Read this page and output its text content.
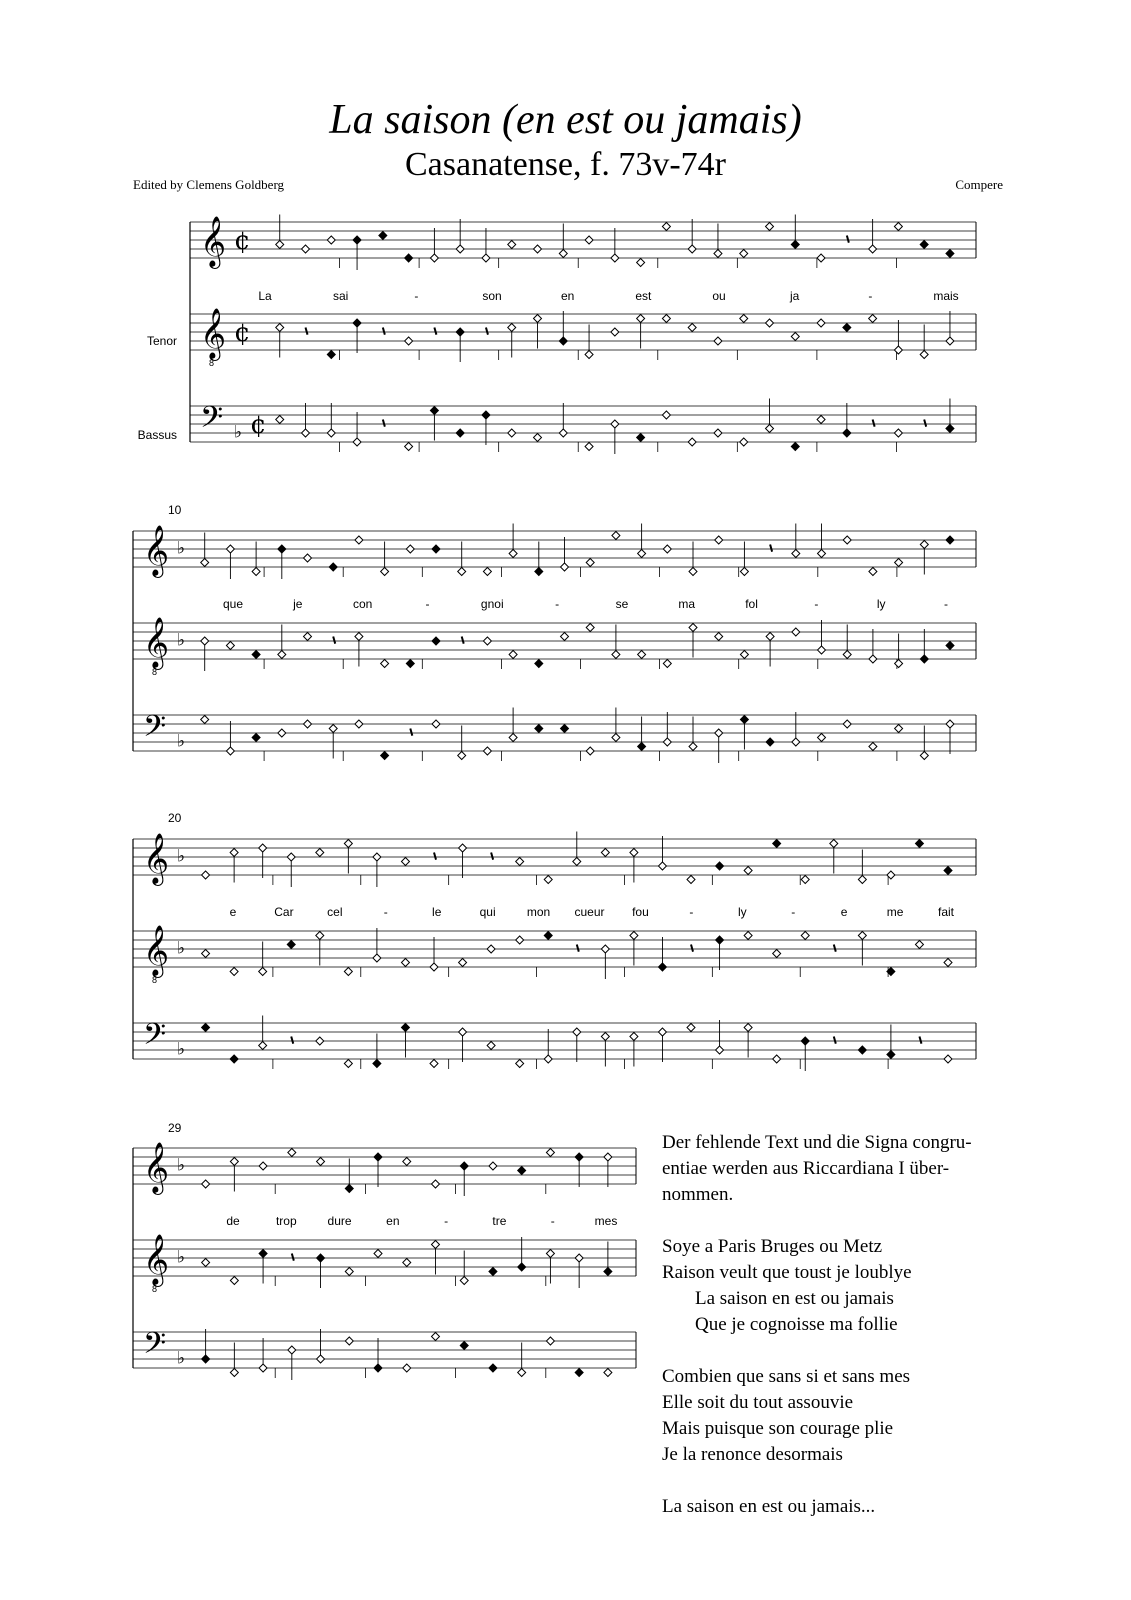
La saison (en est ou jamais)
Casanatense, f. 73v-74r
Edited by Clemens Goldberg	Compere
Tenor
Bassus
10
20
29
𝄞 ¢
𝄞
8
¢
𝄢 ♭ ¢
𝄞 ♭
𝄞
8
♭
𝄢 ♭
𝄞 ♭
𝄞
8
♭
𝄢 ♭
𝄞 ♭
𝄞
8
♭
𝄢 ♭
La	sai	-	son	en	est	ou	ja	-	mais
que	je	con	-	gnoi	-	se	ma	fol	-	ly	-
e	Car	cel	-	le	qui	mon cueur fou	-	ly	-	e	me	fait
de	trop	dure	en	-	tre	-	mes

Der fehlende Text und die Signa congru-
entiae werden aus Riccardiana I über-
nommen.

Soye a Paris Bruges ou Metz
Raison veult que toust je loublye
La saison en est ou jamais
Que je cognoisse ma follie

Combien que sans si et sans mes
Elle soit du tout assouvie
Mais puisque son courage plie
Je la renonce desormais

La saison en est ou jamais...
